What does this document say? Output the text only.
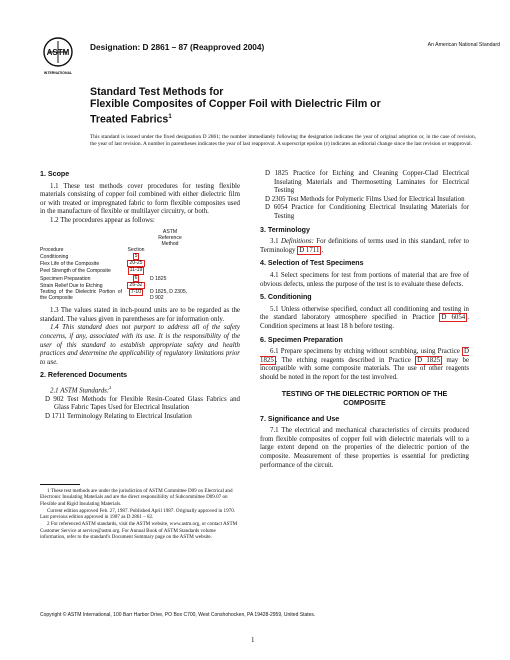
ASTM
INTERNATIONAL
Designation: D 2861 – 87 (Reapproved 2004)	An American National Standard
Standard Test Methods for
Flexible Composites of Copper Foil with Dielectric Film or
Treated Fabrics$^1$
This standard is issued under the fixed designation D 2861; the number immediately following the designation indicates the year of original adoption or, in the case of revision, the year of last revision. A number in parentheses indicates the year of last reapproval. A superscript epsilon (ε) indicates an editorial change since the last revision or reapproval.

1. Scope

1.1 These test methods cover procedures for testing flexible materials consisting of copper foil combined with either dielectric film or with treated or impregnated fabric to form flexible composites used in the manufacture of flexible or multilayer circuitry, or both.

1.2 The procedures appear as follows:

		ASTM
Reference
Method
Procedure	Section	
Conditioning	5	
Flex Life of the Composite	20-25	
Peel Strength of the Composite	11-19	
Specimen Preparation	6	D 1825
Strain Relief Due to Etching	26-32	
Testing of the Dielectric Portion of the Composite	7-10	D 1825, D 2305, D 902

1.3 The values stated in inch-pound units are to be regarded as the standard. The values given in parentheses are for information only.

1.4 This standard does not purport to address all of the safety concerns, if any, associated with its use. It is the responsibility of the user of this standard to establish appropriate safety and health practices and determine the applicability of regulatory limitations prior to use.

2. Referenced Documents

2.1 ASTM Standards:$^2$

D 902 Test Methods for Flexible Resin-Coated Glass Fabrics and Glass Fabric Tapes Used for Electrical Insulation

D 1711 Terminology Relating to Electrical Insulation

1 These test methods are under the jurisdiction of ASTM Committee D09 on Electrical and Electronic Insulating Materials and are the direct responsibility of Subcommittee D09.07 on Flexible and Rigid Insulating Materials.

Current edition approved Feb. 27, 1987. Published April 1987. Originally approved in 1970. Last previous edition approved in 1987 as D 2861 – 82.

2 For referenced ASTM standards, visit the ASTM website, www.astm.org, or contact ASTM Customer Service at service@astm.org. For Annual Book of ASTM Standards volume information, refer to the standard's Document Summary page on the ASTM website.

D 1825 Practice for Etching and Cleaning Copper-Clad Electrical Insulating Materials and Thermosetting Laminates for Electrical Testing

D 2305 Test Methods for Polymeric Films Used for Electrical Insulation

D 6054 Practice for Conditioning Electrical Insulating Materials for Testing

3. Terminology

3.1 Definitions: For definitions of terms used in this standard, refer to Terminology D 1711 .

4. Selection of Test Specimens

4.1 Select specimens for test from portions of material that are free of obvious defects, unless the purpose of the test is to evaluate these defects.

5. Conditioning

5.1 Unless otherwise specified, conduct all conditioning and testing in the standard laboratory atmosphere specified in Practice D 6054 . Condition specimens at least 18 h before testing.

6. Specimen Preparation

6.1 Prepare specimens by etching without scrubbing, using Practice D 1825 . The etching reagents described in Practice D 1825 may be incompatible with some composite materials. The use of other reagents should be noted in the report for the test involved.

TESTING OF THE DIELECTRIC PORTION OF THE COMPOSITE

7. Significance and Use

7.1 The electrical and mechanical characteristics of circuits produced from flexible composites of copper foil with dielectric materials will to a large extent depend on the properties of the dielectric portion of the composite. Measurement of these properties is essential for predicting performance of the circuit.

Copyright © ASTM International, 100 Barr Harbor Drive, PO Box C700, West Conshohocken, PA 19428-2959, United States.
1
